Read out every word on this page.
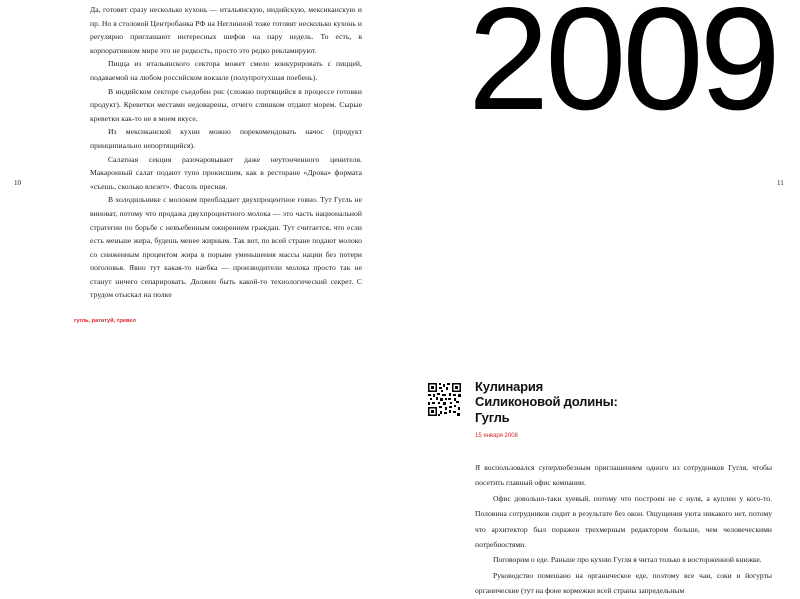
10	11

Да, готовят сразу несколько кухонь — итальянскую, индийскую, мексиканскую и пр. Но в столовой Центробанка РФ на Неглинной тоже готовят несколько кухонь и регулярно приглашают интересных шефов на пару недель. То есть, в корпоративном мире это не редкость, просто это редко рекламируют.

Пицца из итальянского сектора может смело конкурировать с пиццей, подаваемой на любом российском вокзале (полупротухшая поебень).

В индийском секторе съедобен рис (сложно портящийся в процессе готовки продукт). Креветки местами недоварены, отчего слишком отдают морем. Сырые креветки как-то не в моем вкусе.

Из мексиканской кухни можно порекомендовать начос (продукт принципиально непортящийся).

Салатная секция разочаровывает даже неутонченного ценителя. Макаронный салат подают тупо прокисшим, как в ресторане «Дрова» формата «съешь, сколько влезет». Фасоль пресная.

В холодильнике с молоком преобладает двухпроцентное говно. Тут Гугль не виноват, потому что продажа двухпроцентного молока — это часть национальной стратегии по борьбе с невъебенным ожирением граждан. Тут считается, что если есть меньше жира, будешь менее жирным. Так вот, по всей стране подают молоко со сниженным процентом жира в порыве уменьшения массы нации без потери поголовья. Явно тут какая-то наебка — производители молока просто так не станут ничего сепарировать. Должен быть какой-то технологический секрет. С трудом отыскал на полке

гугль, рататуй, тревел
2009
Кулинария
Силиконовой долины:
Гугль
15 января 2008

Я воспользовался суперлюбезным приглашением одного из сотрудников Гугля, чтобы посетить главный офис компании.

Офис довольно-таки хуевый, потому что построен не с нуля, а куплен у кого-то. Половина сотрудников сидит в результате без окон. Ощущения уюта никакого нет, потому что архитектор был поражен трехмерным редактором больше, чем человеческими потребностями.

Поговорим о еде. Раньше про кухню Гугля я читал только в восторженной книжке.

Руководство помешано на органическое еде, поэтому все чаи, соки и йогурты органические (тут на фоне кормежки всей страны запредельным
